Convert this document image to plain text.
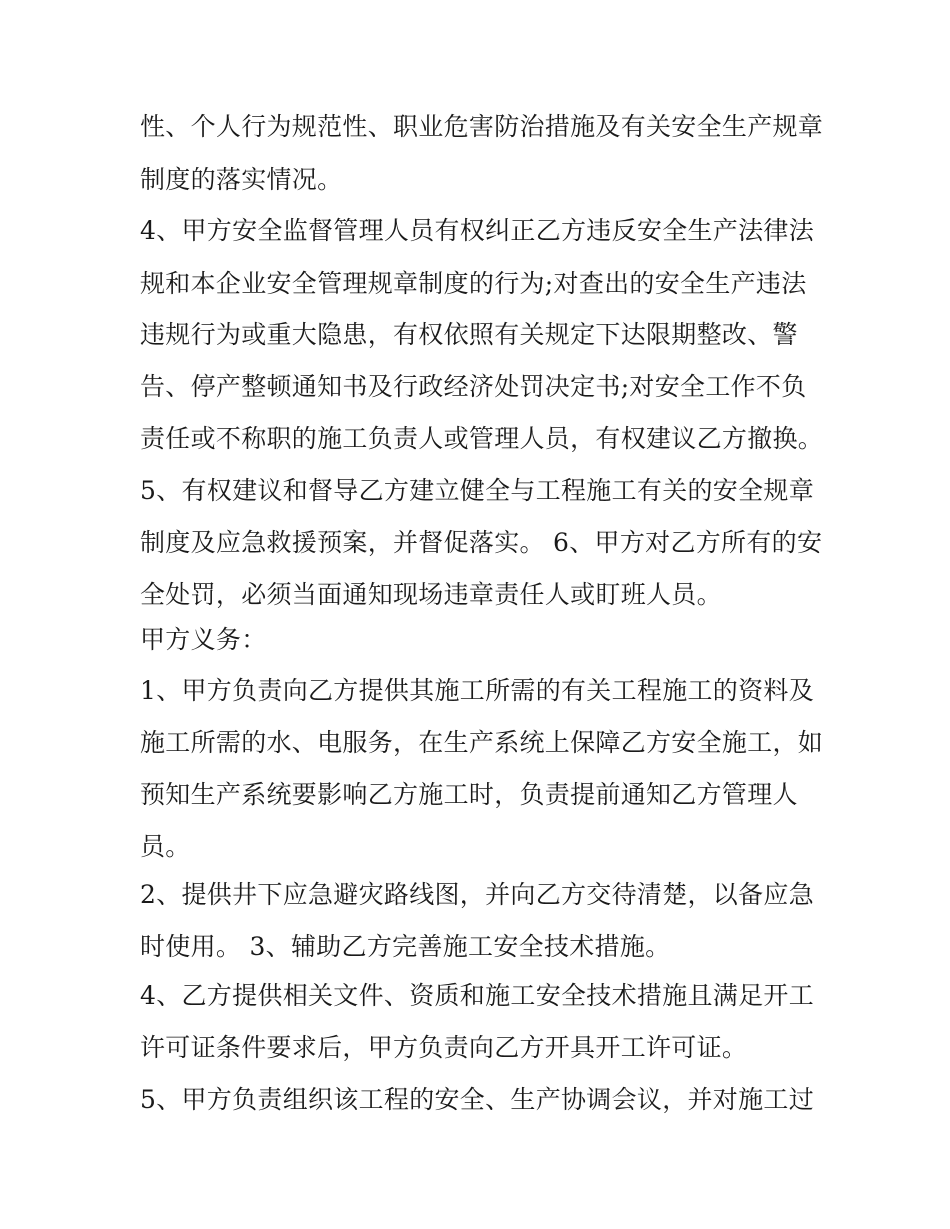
性、个人行为规范性、职业危害防治措施及有关安全生产规章
制度的落实情况。
4、甲方安全监督管理人员有权纠正乙方违反安全生产法律法
规和本企业安全管理规章制度的行为;对查出的安全生产违法
违规行为或重大隐患，有权依照有关规定下达限期整改、警
告、停产整顿通知书及行政经济处罚决定书;对安全工作不负
责任或不称职的施工负责人或管理人员，有权建议乙方撤换。
5、有权建议和督导乙方建立健全与工程施工有关的安全规章
制度及应急救援预案，并督促落实。 6、甲方对乙方所有的安
全处罚，必须当面通知现场违章责任人或盯班人员。
甲方义务：
1、甲方负责向乙方提供其施工所需的有关工程施工的资料及
施工所需的水、电服务，在生产系统上保障乙方安全施工，如
预知生产系统要影响乙方施工时，负责提前通知乙方管理人
员。
2、提供井下应急避灾路线图，并向乙方交待清楚，以备应急
时使用。 3、辅助乙方完善施工安全技术措施。
4、乙方提供相关文件、资质和施工安全技术措施且满足开工
许可证条件要求后，甲方负责向乙方开具开工许可证。
5、甲方负责组织该工程的安全、生产协调会议，并对施工过
